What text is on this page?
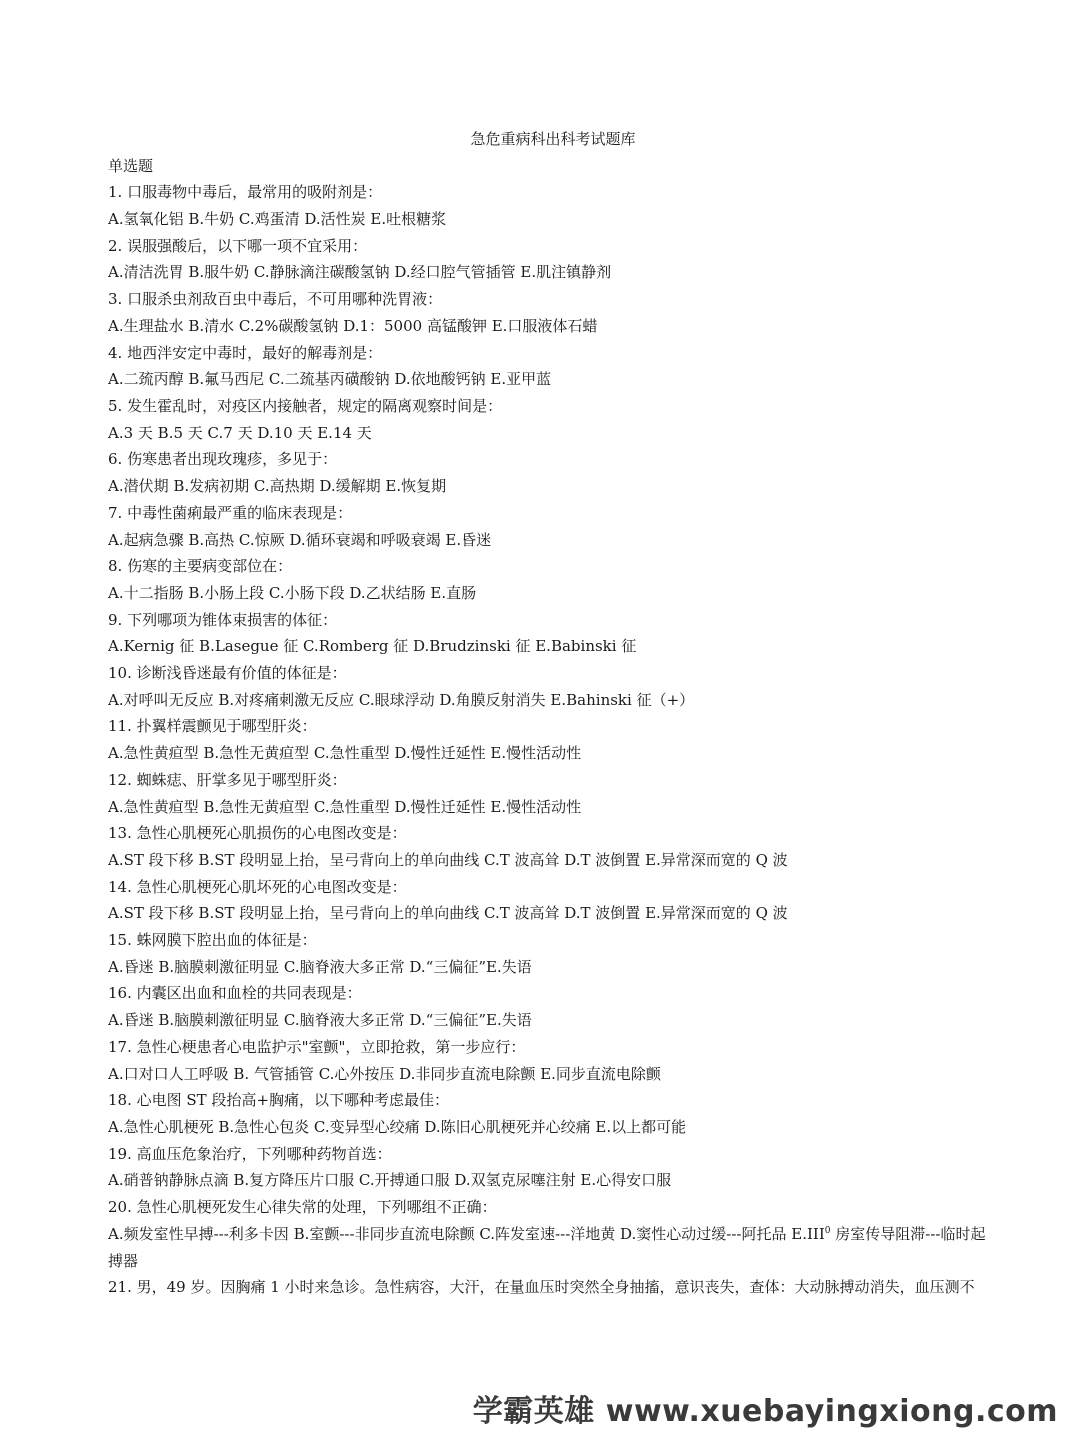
急危重病科出科考试题库
单选题
1. 口服毒物中毒后，最常用的吸附剂是：
A.氢氧化铝 B.牛奶 C.鸡蛋清 D.活性炭 E.吐根糖浆
2. 误服强酸后，以下哪一项不宜采用：
A.清洁洗胃 B.服牛奶 C.静脉滴注碳酸氢钠 D.经口腔气管插管 E.肌注镇静剂
3. 口服杀虫剂敌百虫中毒后，不可用哪种洗胃液：
A.生理盐水 B.清水 C.2%碳酸氢钠 D.1：5000 高锰酸钾 E.口服液体石蜡
4. 地西泮安定中毒时，最好的解毒剂是：
A.二巯丙醇 B.氟马西尼 C.二巯基丙磺酸钠 D.依地酸钙钠 E.亚甲蓝
5. 发生霍乱时，对疫区内接触者，规定的隔离观察时间是：
A.3 天 B.5 天 C.7 天 D.10 天 E.14 天
6. 伤寒患者出现玫瑰疹，多见于：
A.潜伏期 B.发病初期 C.高热期 D.缓解期 E.恢复期
7. 中毒性菌痢最严重的临床表现是：
A.起病急骤 B.高热 C.惊厥 D.循环衰竭和呼吸衰竭 E.昏迷
8. 伤寒的主要病变部位在：
A.十二指肠 B.小肠上段 C.小肠下段 D.乙状结肠 E.直肠
9. 下列哪项为锥体束损害的体征：
A.Kernig 征 B.Lasegue 征 C.Romberg 征 D.Brudzinski 征 E.Babinski 征
10. 诊断浅昏迷最有价值的体征是：
A.对呼叫无反应 B.对疼痛刺激无反应 C.眼球浮动 D.角膜反射消失 E.Bahinski 征（+）
11. 扑翼样震颤见于哪型肝炎：
A.急性黄疸型 B.急性无黄疸型 C.急性重型 D.慢性迁延性 E.慢性活动性
12. 蜘蛛痣、肝掌多见于哪型肝炎：
A.急性黄疸型 B.急性无黄疸型 C.急性重型 D.慢性迁延性 E.慢性活动性
13. 急性心肌梗死心肌损伤的心电图改变是：
A.ST 段下移 B.ST 段明显上抬，呈弓背向上的单向曲线 C.T 波高耸 D.T 波倒置 E.异常深而宽的 Q 波
14. 急性心肌梗死心肌坏死的心电图改变是：
A.ST 段下移 B.ST 段明显上抬，呈弓背向上的单向曲线 C.T 波高耸 D.T 波倒置 E.异常深而宽的 Q 波
15. 蛛网膜下腔出血的体征是：
A.昏迷 B.脑膜刺激征明显 C.脑脊液大多正常 D.“三偏征”E.失语
16. 内囊区出血和血栓的共同表现是：
A.昏迷 B.脑膜刺激征明显 C.脑脊液大多正常 D.“三偏征”E.失语
17. 急性心梗患者心电监护示"室颤"，立即抢救，第一步应行：
A.口对口人工呼吸 B. 气管插管 C.心外按压 D.非同步直流电除颤 E.同步直流电除颤
18. 心电图 ST 段抬高+胸痛，以下哪种考虑最佳：
A.急性心肌梗死 B.急性心包炎 C.变异型心绞痛 D.陈旧心肌梗死并心绞痛 E.以上都可能
19. 高血压危象治疗，下列哪种药物首选：
A.硝普钠静脉点滴 B.复方降压片口服 C.开搏通口服 D.双氢克尿噻注射 E.心得安口服
20. 急性心肌梗死发生心律失常的处理，下列哪组不正确：
A.频发室性早搏---利多卡因 B.室颤---非同步直流电除颤 C.阵发室速---洋地黄 D.窦性心动过缓---阿托品 E.III$^0$ 房室传导阻滞---临时起搏器
21. 男，49 岁。因胸痛 1 小时来急诊。急性病容，大汗，在量血压时突然全身抽搐，意识丧失，查体：大动脉搏动消失，血压测不
学霸英雄 www.xuebayingxiong.com
